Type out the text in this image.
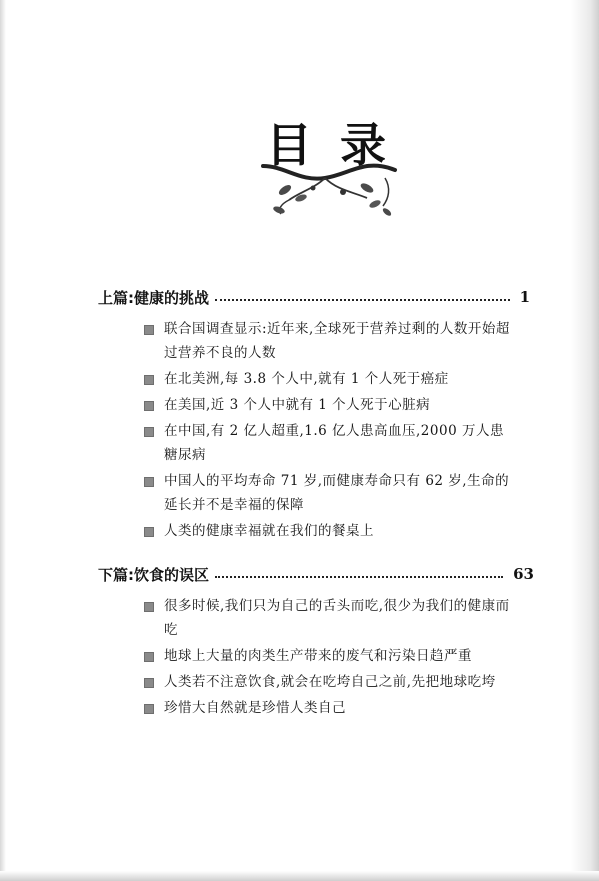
目 录
上篇: 健康的挑战	1
联合国调查显示:近年来,全球死于营养过剩的人数开始超过营养不良的人数
在北美洲,每 3.8 个人中,就有 1 个人死于癌症
在美国,近 3 个人中就有 1 个人死于心脏病
在中国,有 2 亿人超重,1.6 亿人患高血压,2000 万人患糖尿病
中国人的平均寿命 71 岁,而健康寿命只有 62 岁,生命的延长并不是幸福的保障
人类的健康幸福就在我们的餐桌上
下篇: 饮食的误区	63
很多时候,我们只为自己的舌头而吃,很少为我们的健康而吃
地球上大量的肉类生产带来的废气和污染日趋严重
人类若不注意饮食,就会在吃垮自己之前,先把地球吃垮
珍惜大自然就是珍惜人类自己
